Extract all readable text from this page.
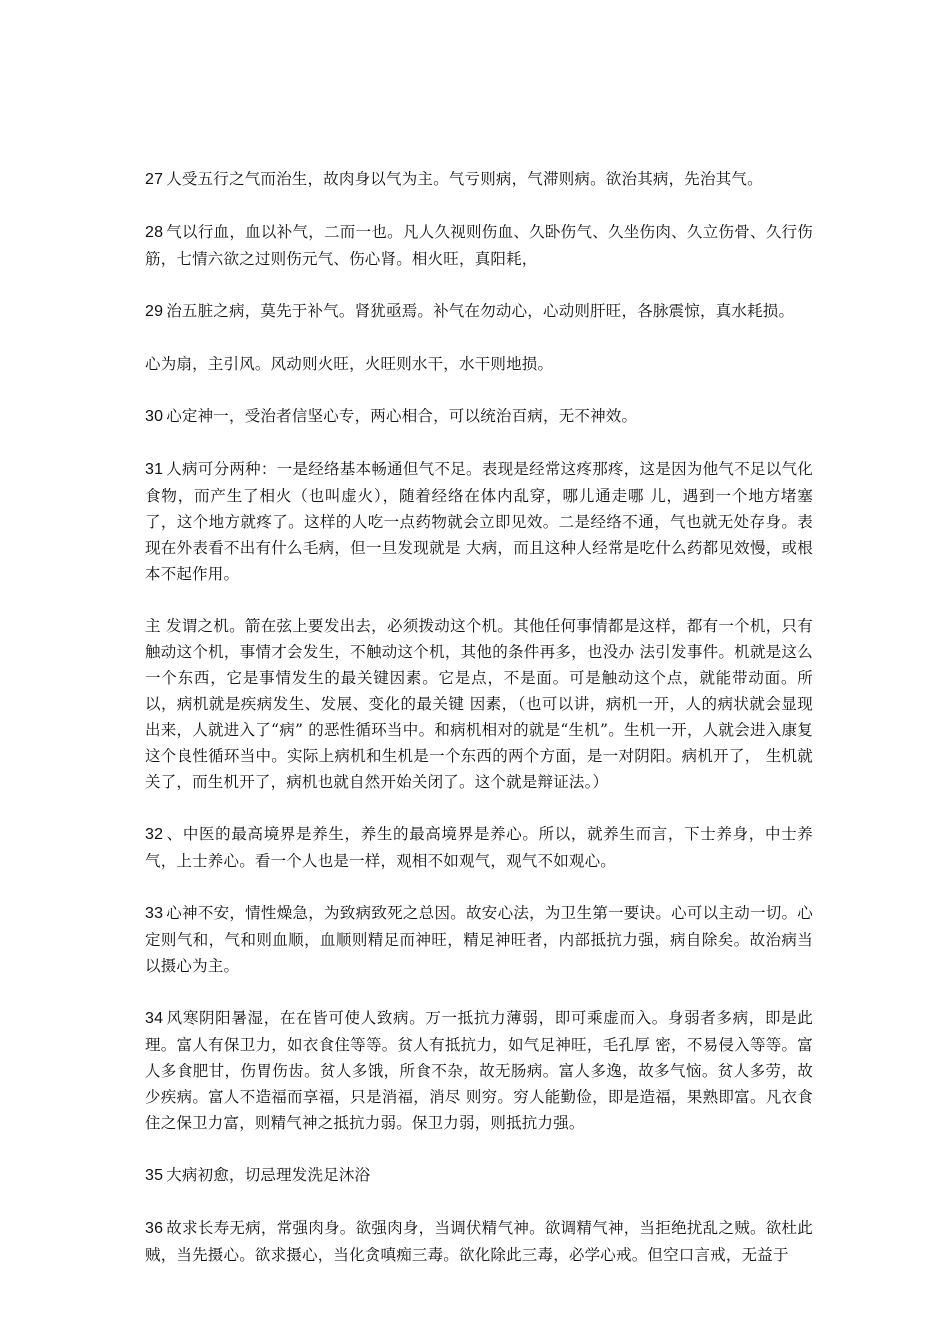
27 人受五行之气而治生，故肉身以气为主。气亏则病，气滞则病。欲治其病，先治其气。

28 气以行血，血以补气，二而一也。凡人久视则伤血、久卧伤气、久坐伤肉、久立伤骨、久行伤筋，七情六欲之过则伤元气、伤心肾。相火旺，真阳耗，

29 治五脏之病，莫先于补气。肾犹亟焉。补气在勿动心，心动则肝旺，各脉震惊，真水耗损。

心为扇，主引风。风动则火旺，火旺则水干，水干则地损。

30 心定神一，受治者信坚心专，两心相合，可以统治百病，无不神效。

31 人病可分两种：一是经络基本畅通但气不足。表现是经常这疼那疼，这是因为他气不足以气化食物，而产生了相火（也叫虚火），随着经络在体内乱穿，哪儿通走哪 儿，遇到一个地方堵塞了，这个地方就疼了。这样的人吃一点药物就会立即见效。二是经络不通，气也就无处存身。表现在外表看不出有什么毛病，但一旦发现就是 大病，而且这种人经常是吃什么药都见效慢，或根本不起作用。

主 发谓之机。箭在弦上要发出去，必须拨动这个机。其他任何事情都是这样，都有一个机，只有触动这个机，事情才会发生，不触动这个机，其他的条件再多，也没办 法引发事件。机就是这么一个东西，它是事情发生的最关键因素。它是点，不是面。可是触动这个点，就能带动面。所以，病机就是疾病发生、发展、变化的最关键 因素，（也可以讲，病机一开，人的病状就会显现出来，人就进入了“病” 的恶性循环当中。和病机相对的就是“生机”。生机一开，人就会进入康复这个良性循环当中。实际上病机和生机是一个东西的两个方面，是一对阴阳。病机开了， 生机就关了，而生机开了，病机也就自然开始关闭了。这个就是辩证法。）

32 、中医的最高境界是养生，养生的最高境界是养心。所以，就养生而言，下士养身，中士养气，上士养心。看一个人也是一样，观相不如观气，观气不如观心。

33 心神不安，情性燥急，为致病致死之总因。故安心法，为卫生第一要诀。心可以主动一切。心定则气和，气和则血顺，血顺则精足而神旺，精足神旺者，内部抵抗力强，病自除矣。故治病当以摄心为主。

34 风寒阴阳暑湿，在在皆可使人致病。万一抵抗力薄弱，即可乘虚而入。身弱者多病，即是此理。富人有保卫力，如衣食住等等。贫人有抵抗力，如气足神旺，毛孔厚 密，不易侵入等等。富人多食肥甘，伤胃伤齿。贫人多饿，所食不杂，故无肠病。富人多逸，故多气恼。贫人多劳，故少疾病。富人不造福而享福，只是消福，消尽 则穷。穷人能勤俭，即是造福，果熟即富。凡衣食住之保卫力富，则精气神之抵抗力弱。保卫力弱，则抵抗力强。

35 大病初愈，切忌理发洗足沐浴

36 故求长寿无病，常强肉身。欲强肉身，当调伏精气神。欲调精气神，当拒绝扰乱之贼。欲杜此贼，当先摄心。欲求摄心，当化贪嗔痴三毒。欲化除此三毒，必学心戒。但空口言戒，无益于
